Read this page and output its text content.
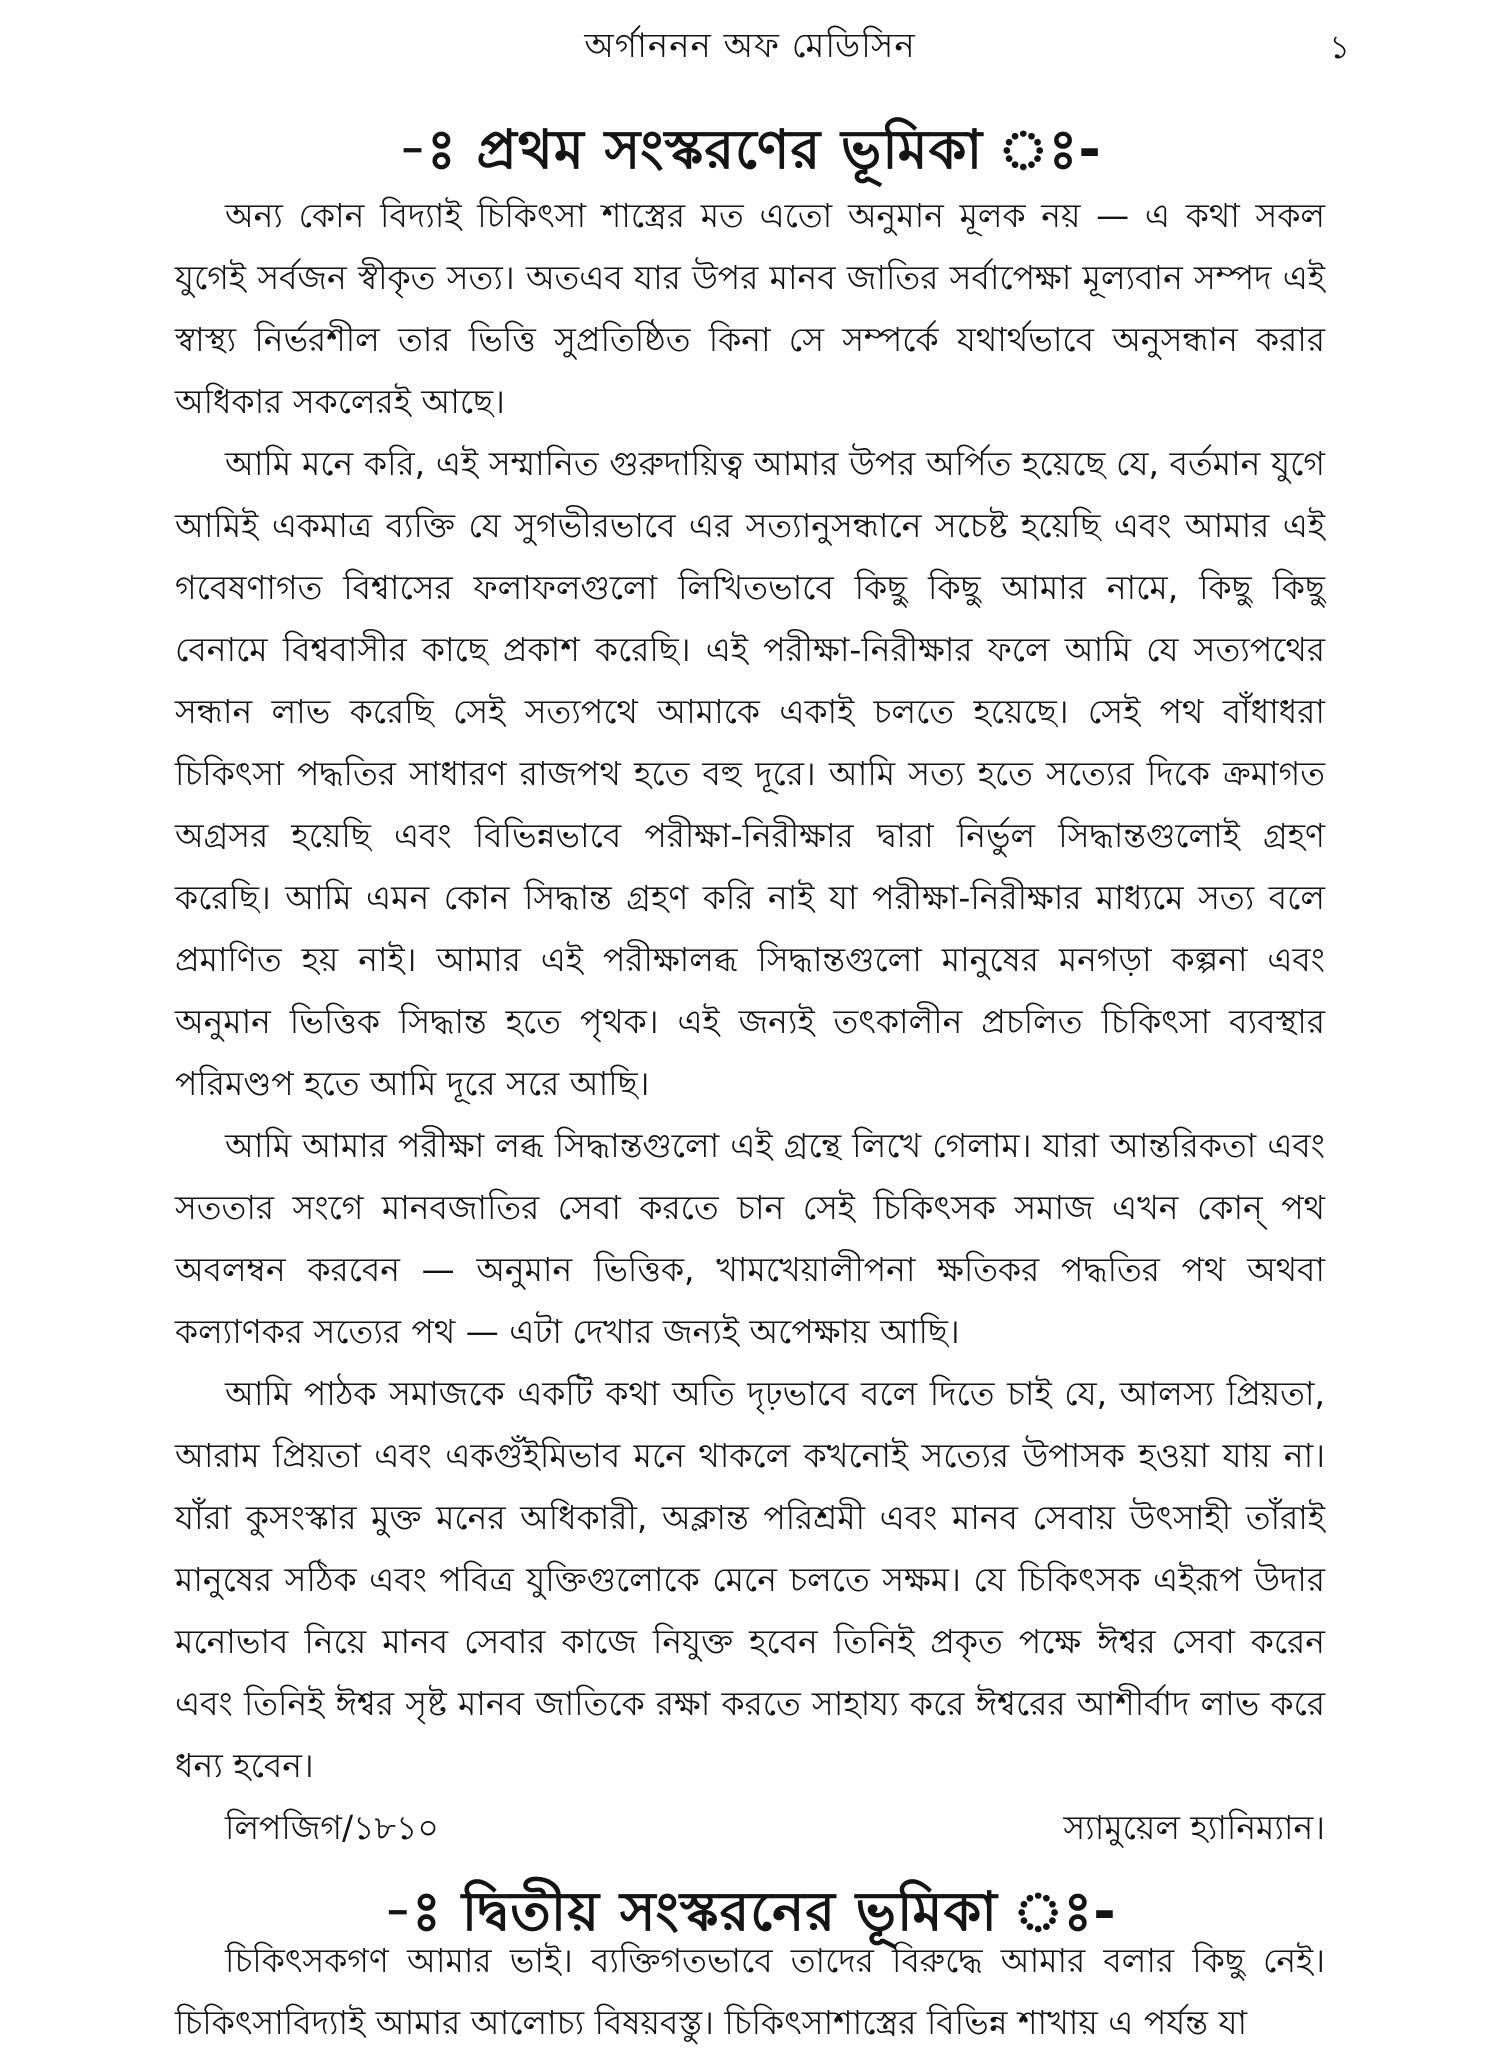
অর্গাননন অফ মেডিসিন	১
-ঃ প্রথম সংস্করণের ভূমিকা ঃ-

অন্য কোন বিদ্যাই চিকিৎসা শাস্ত্রের মত এতো অনুমান মূলক নয় — এ কথা সকল যুগেই সর্বজন স্বীকৃত সত্য। অতএব যার উপর মানব জাতির সর্বাপেক্ষা মূল্যবান সম্পদ এই স্বাস্থ্য নির্ভরশীল তার ভিত্তি সুপ্রতিষ্ঠিত কিনা সে সম্পর্কে যথার্থভাবে অনুসন্ধান করার অধিকার সকলেরই আছে।

আমি মনে করি, এই সম্মানিত গুরুদায়িত্ব আমার উপর অর্পিত হয়েছে যে, বর্তমান যুগে আমিই একমাত্র ব্যক্তি যে সুগভীরভাবে এর সত্যানুসন্ধানে সচেষ্ট হয়েছি এবং আমার এই গবেষণাগত বিশ্বাসের ফলাফলগুলো লিখিতভাবে কিছু কিছু আমার নামে, কিছু কিছু বেনামে বিশ্ববাসীর কাছে প্রকাশ করেছি। এই পরীক্ষা-নিরীক্ষার ফলে আমি যে সত্যপথের সন্ধান লাভ করেছি সেই সত্যপথে আমাকে একাই চলতে হয়েছে। সেই পথ বাঁধাধরা চিকিৎসা পদ্ধতির সাধারণ রাজপথ হতে বহু দূরে। আমি সত্য হতে সত্যের দিকে ক্রমাগত অগ্রসর হয়েছি এবং বিভিন্নভাবে পরীক্ষা-নিরীক্ষার দ্বারা নির্ভুল সিদ্ধান্তগুলোই গ্রহণ করেছি। আমি এমন কোন সিদ্ধান্ত গ্রহণ করি নাই যা পরীক্ষা-নিরীক্ষার মাধ্যমে সত্য বলে প্রমাণিত হয় নাই। আমার এই পরীক্ষালব্ধ সিদ্ধান্তগুলো মানুষের মনগড়া কল্পনা এবং অনুমান ভিত্তিক সিদ্ধান্ত হতে পৃথক। এই জন্যই তৎকালীন প্রচলিত চিকিৎসা ব্যবস্থার পরিমণ্ডপ হতে আমি দূরে সরে আছি।

আমি আমার পরীক্ষা লব্ধ সিদ্ধান্তগুলো এই গ্রন্থে লিখে গেলাম। যারা আন্তরিকতা এবং সততার সংগে মানবজাতির সেবা করতে চান সেই চিকিৎসক সমাজ এখন কোন্ পথ অবলম্বন করবেন — অনুমান ভিত্তিক, খামখেয়ালীপনা ক্ষতিকর পদ্ধতির পথ অথবা কল্যাণকর সত্যের পথ — এটা দেখার জন্যই অপেক্ষায় আছি।

আমি পাঠক সমাজকে একটি কথা অতি দৃঢ়ভাবে বলে দিতে চাই যে, আলস্য প্রিয়তা, আরাম প্রিয়তা এবং একগুঁইমিভাব মনে থাকলে কখনোই সত্যের উপাসক হওয়া যায় না। যাঁরা কুসংস্কার মুক্ত মনের অধিকারী, অক্লান্ত পরিশ্রমী এবং মানব সেবায় উৎসাহী তাঁরাই মানুষের সঠিক এবং পবিত্র যুক্তিগুলোকে মেনে চলতে সক্ষম। যে চিকিৎসক এইরূপ উদার মনোভাব নিয়ে মানব সেবার কাজে নিযুক্ত হবেন তিনিই প্রকৃত পক্ষে ঈশ্বর সেবা করেন এবং তিনিই ঈশ্বর সৃষ্ট মানব জাতিকে রক্ষা করতে সাহায্য করে ঈশ্বরের আশীর্বাদ লাভ করে ধন্য হবেন।

লিপজিগ/১৮১০	স্যামুয়েল হ্যানিম্যান।
-ঃ দ্বিতীয় সংস্করনের ভূমিকা ঃ-

চিকিৎসকগণ আমার ভাই। ব্যক্তিগতভাবে তাদের বিরুদ্ধে আমার বলার কিছু নেই। চিকিৎসাবিদ্যাই আমার আলোচ্য বিষয়বস্তু। চিকিৎসাশাস্ত্রের বিভিন্ন শাখায় এ পর্যন্ত যা
